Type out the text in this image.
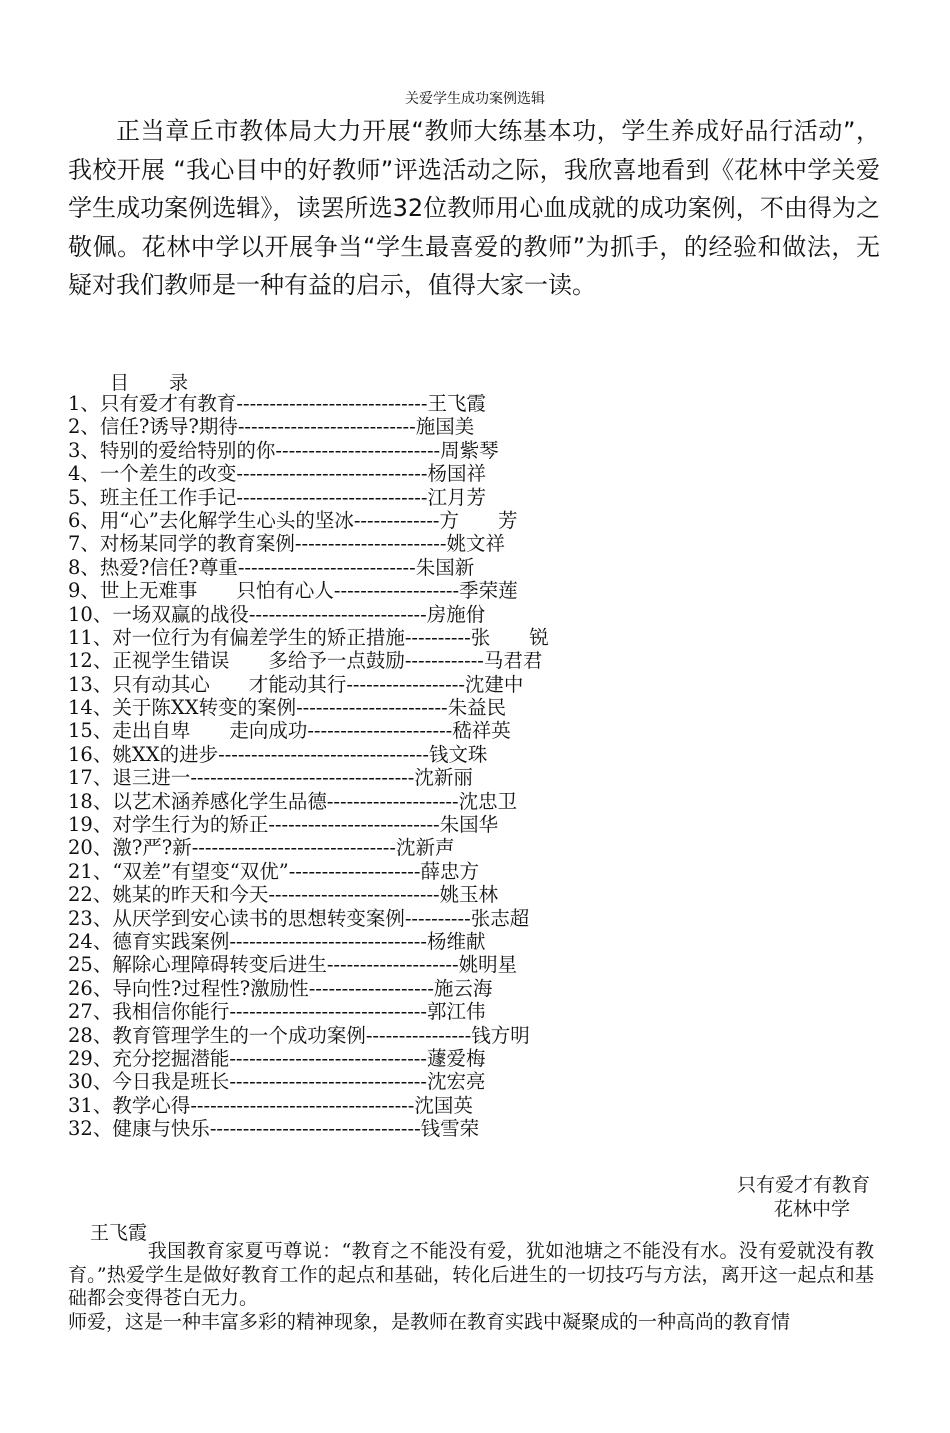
关爱学生成功案例选辑

正当章丘市教体局大力开展“教师大练基本功，学生养成好品行活动”，我校开展 “我心目中的好教师”评选活动之际，我欣喜地看到《花林中学关爱学生成功案例选辑》，读罢所选32位教师用心血成就的成功案例，不由得为之敬佩。花林中学以开展争当“学生最喜爱的教师”为抓手，的经验和做法，无疑对我们教师是一种有益的启示，值得大家一读。

目录
1、只有爱才有教育-----------------------------王飞霞
2、信任?诱导?期待---------------------------施国美
3、特别的爱给特别的你-------------------------周紫琴
4、一个差生的改变-----------------------------杨国祥
5、班主任工作手记-----------------------------江月芳
6、用“心”去化解学生心头的坚冰-------------方　　芳
7、对杨某同学的教育案例-----------------------姚文祥
8、热爱?信任?尊重---------------------------朱国新
9、世上无难事　　只怕有心人-------------------季荣莲
10、一场双赢的战役---------------------------房施佾
11、对一位行为有偏差学生的矫正措施----------张　　锐
12、正视学生错误　　多给予一点鼓励------------马君君
13、只有动其心　　才能动其行------------------沈建中
14、关于陈XX转变的案例-----------------------朱益民
15、走出自卑　　走向成功----------------------嵇祥英
16、姚XX的进步--------------------------------钱文珠
17、退三进一----------------------------------沈新丽
18、以艺术涵养感化学生品德--------------------沈忠卫
19、对学生行为的矫正--------------------------朱国华
20、激?严?新-------------------------------沈新声
21、“双差”有望变“双优”--------------------薛忠方
22、姚某的昨天和今天--------------------------姚玉林
23、从厌学到安心读书的思想转变案例----------张志超
24、德育实践案例------------------------------杨维献
25、解除心理障碍转变后进生--------------------姚明星
26、导向性?过程性?激励性-------------------施云海
27、我相信你能行------------------------------郭江伟
28、教育管理学生的一个成功案例----------------钱方明
29、充分挖掘潜能------------------------------蘧爱梅
30、今日我是班长------------------------------沈宏亮
31、教学心得----------------------------------沈国英
32、健康与快乐--------------------------------钱雪荣
只有爱才有教育
花林中学
王飞霞

我国教育家夏丏尊说：“教育之不能没有爱，犹如池塘之不能没有水。没有爱就没有教育。”热爱学生是做好教育工作的起点和基础，转化后进生的一切技巧与方法，离开这一起点和基础都会变得苍白无力。

师爱，这是一种丰富多彩的精神现象，是教师在教育实践中凝聚成的一种高尚的教育情
